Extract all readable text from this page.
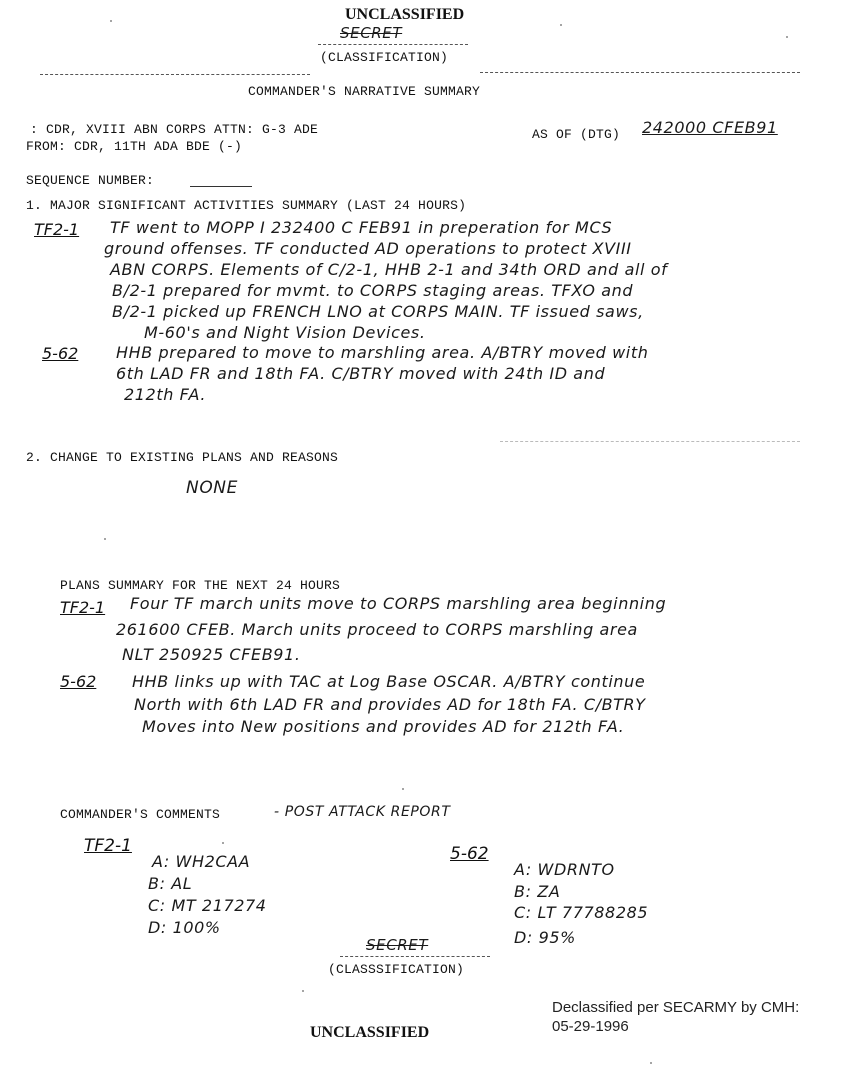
UNCLASSIFIED
SECRET
(CLASSIFICATION)
COMMANDER'S NARRATIVE SUMMARY
: CDR, XVIII ABN CORPS ATTN: G-3 ADE
FROM: CDR, 11TH ADA BDE (-)
AS OF (DTG) 242000 CFEB91
SEQUENCE NUMBER:
1. MAJOR SIGNIFICANT ACTIVITIES SUMMARY (LAST 24 HOURS)
TF2-1 TF went to MOPP I 232400 C FEB91 in preperation for MCS
ground offenses. TF conducted AD operations to protect XVIII
ABN CORPS. Elements of C/2-1, HHB 2-1 and 34th ORD and all of
B/2-1 prepared for mvmt. to CORPS staging areas. TFXO and
B/2-1 picked up FRENCH LNO at CORPS MAIN. TF issued saws,
M-60's and Night Vision Devices.
5-62 HHB prepared to move to marshling area. A/BTRY moved with
6th LAD FR and 18th FA. C/BTRY moved with 24th ID and
212th FA.
2. CHANGE TO EXISTING PLANS AND REASONS
NONE
PLANS SUMMARY FOR THE NEXT 24 HOURS
TF2-1 Four TF march units move to CORPS marshling area beginning
261600 CFEB. March units proceed to CORPS marshling area
NLT 250925 CFEB91.
5-62 HHB links up with TAC at Log Base OSCAR. A/BTRY continue
North with 6th LAD FR and provides AD for 18th FA. C/BTRY
Moves into New positions and provides AD for 212th FA.
COMMANDER'S COMMENTS	- POST ATTACK REPORT
TF2-1
A: WH2CAA
B: AL
C: MT 217274
D: 100%
5-62
A: WDRNTO
B: ZA
C: LT 77788285
D: 95%
SECRET
(CLASSSIFICATION)
Declassified per SECARMY by CMH:
05-29-1996
UNCLASSIFIED
